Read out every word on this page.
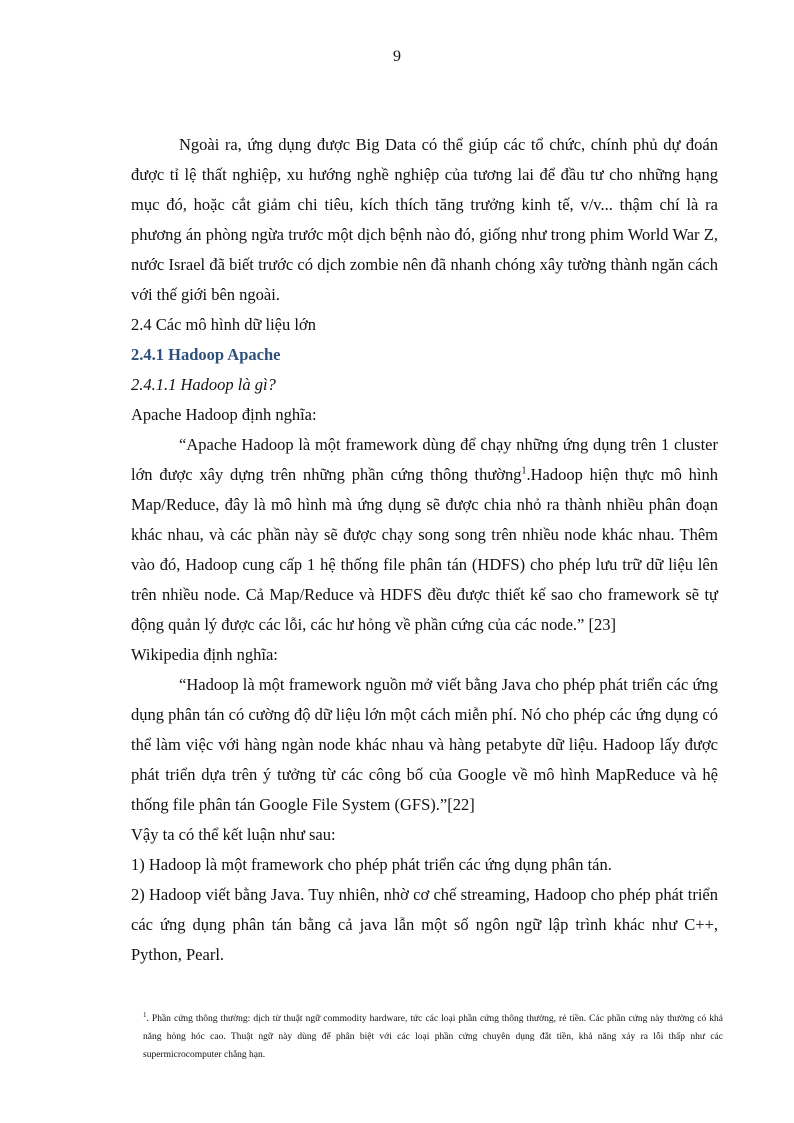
9

Ngoài ra, ứng dụng được Big Data có thể giúp các tổ chức, chính phủ dự đoán được tỉ lệ thất nghiệp, xu hướng nghề nghiệp của tương lai để đầu tư cho những hạng mục đó, hoặc cắt giảm chi tiêu, kích thích tăng trưởng kinh tế, v/v... thậm chí là ra phương án phòng ngừa trước một dịch bệnh nào đó, giống như trong phim World War Z, nước Israel đã biết trước có dịch zombie nên đã nhanh chóng xây tường thành ngăn cách với thế giới bên ngoài.

2.4 Các mô hình dữ liệu lớn

2.4.1 Hadoop Apache

2.4.1.1 Hadoop là gì?

Apache Hadoop định nghĩa:

“Apache Hadoop là một framework dùng để chạy những ứng dụng trên 1 cluster lớn được xây dựng trên những phần cứng thông thường$^1$.Hadoop hiện thực mô hình Map/Reduce, đây là mô hình mà ứng dụng sẽ được chia nhỏ ra thành nhiều phân đoạn khác nhau, và các phần này sẽ được chạy song song trên nhiều node khác nhau. Thêm vào đó, Hadoop cung cấp 1 hệ thống file phân tán (HDFS) cho phép lưu trữ dữ liệu lên trên nhiều node. Cả Map/Reduce và HDFS đều được thiết kế sao cho framework sẽ tự động quản lý được các lỗi, các hư hỏng về phần cứng của các node.” [23]

Wikipedia định nghĩa:

“Hadoop là một framework nguồn mở viết bằng Java cho phép phát triển các ứng dụng phân tán có cường độ dữ liệu lớn một cách miễn phí. Nó cho phép các ứng dụng có thể làm việc với hàng ngàn node khác nhau và hàng petabyte dữ liệu. Hadoop lấy được phát triển dựa trên ý tưởng từ các công bố của Google về mô hình MapReduce và hệ thống file phân tán Google File System (GFS).”[22]

Vậy ta có thể kết luận như sau:

1) Hadoop là một framework cho phép phát triển các ứng dụng phân tán.

2) Hadoop viết bằng Java. Tuy nhiên, nhờ cơ chế streaming, Hadoop cho phép phát triển các ứng dụng phân tán bằng cả java lẫn một số ngôn ngữ lập trình khác như C++, Python, Pearl.

$^1$. Phần cứng thông thường: dịch từ thuật ngữ commodity hardware, tức các loại phần cứng thông thường, rẻ tiền. Các phần cứng này thường có khả năng hỏng hóc cao. Thuật ngữ này dùng để phân biệt với các loại phần cứng chuyên dụng đắt tiền, khả năng xảy ra lỗi thấp như các supermicrocomputer chẳng hạn.
